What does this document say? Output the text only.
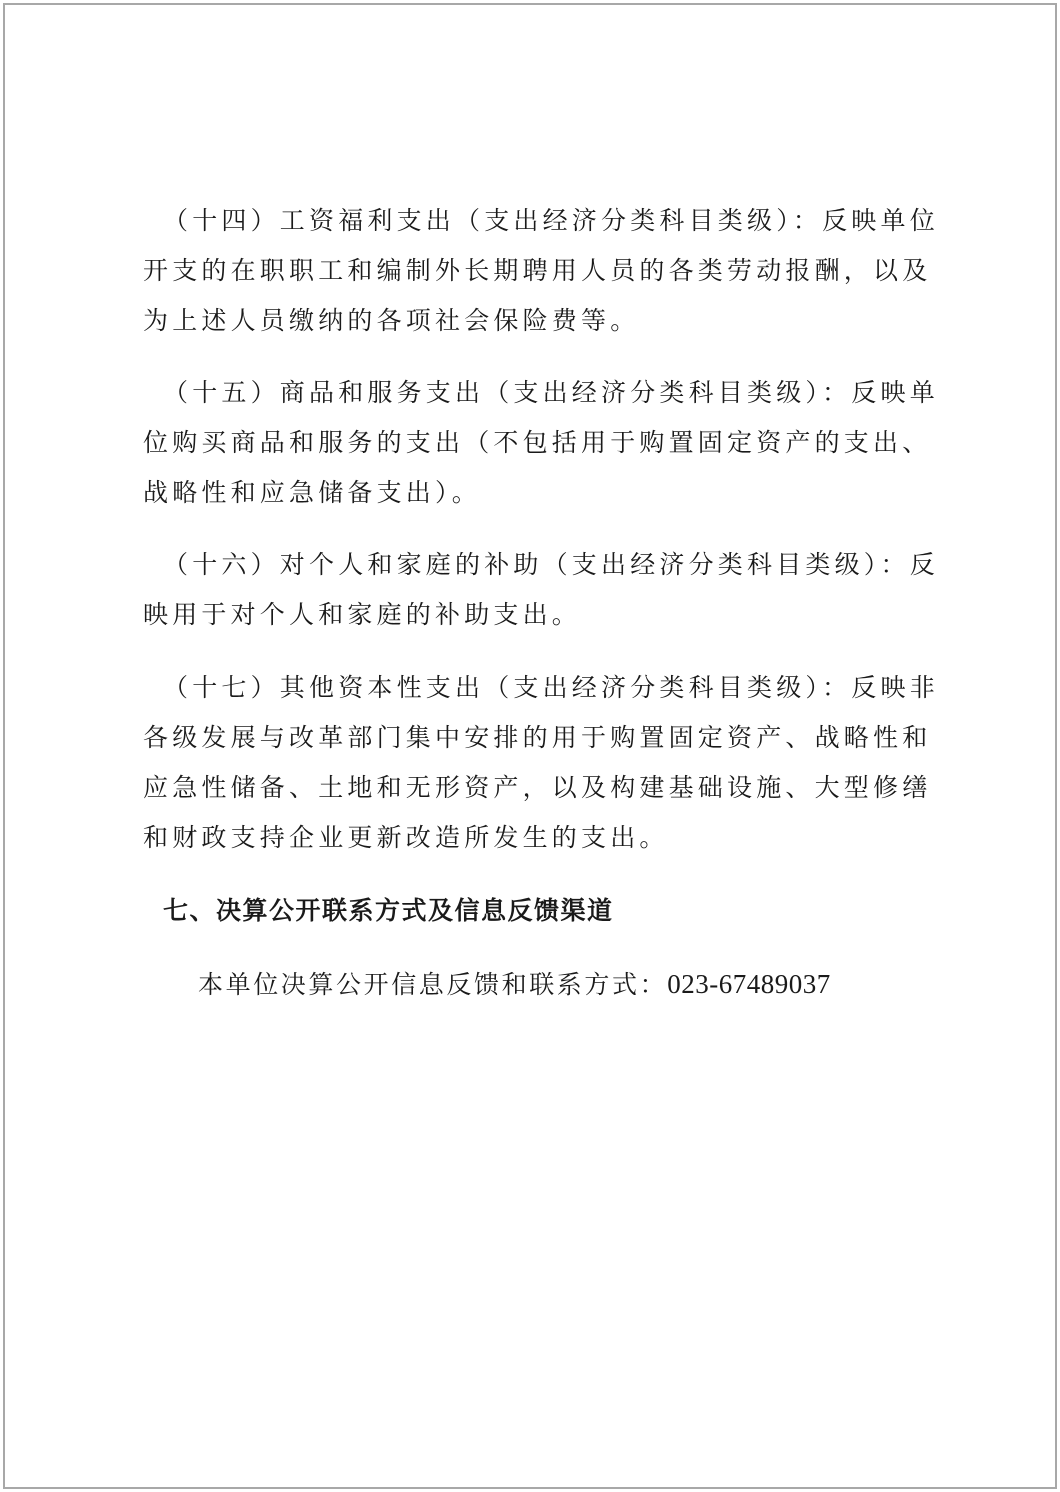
（十四）工资福利支出（支出经济分类科目类级）：反映单位
开支的在职职工和编制外长期聘用人员的各类劳动报酬，以及
为上述人员缴纳的各项社会保险费等。
（十五）商品和服务支出（支出经济分类科目类级）：反映单
位购买商品和服务的支出（不包括用于购置固定资产的支出、
战略性和应急储备支出）。
（十六）对个人和家庭的补助（支出经济分类科目类级）：反
映用于对个人和家庭的补助支出。
（十七）其他资本性支出（支出经济分类科目类级）：反映非
各级发展与改革部门集中安排的用于购置固定资产、战略性和
应急性储备、土地和无形资产，以及构建基础设施、大型修缮
和财政支持企业更新改造所发生的支出。
七、决算公开联系方式及信息反馈渠道
本单位决算公开信息反馈和联系方式：023-67489037
